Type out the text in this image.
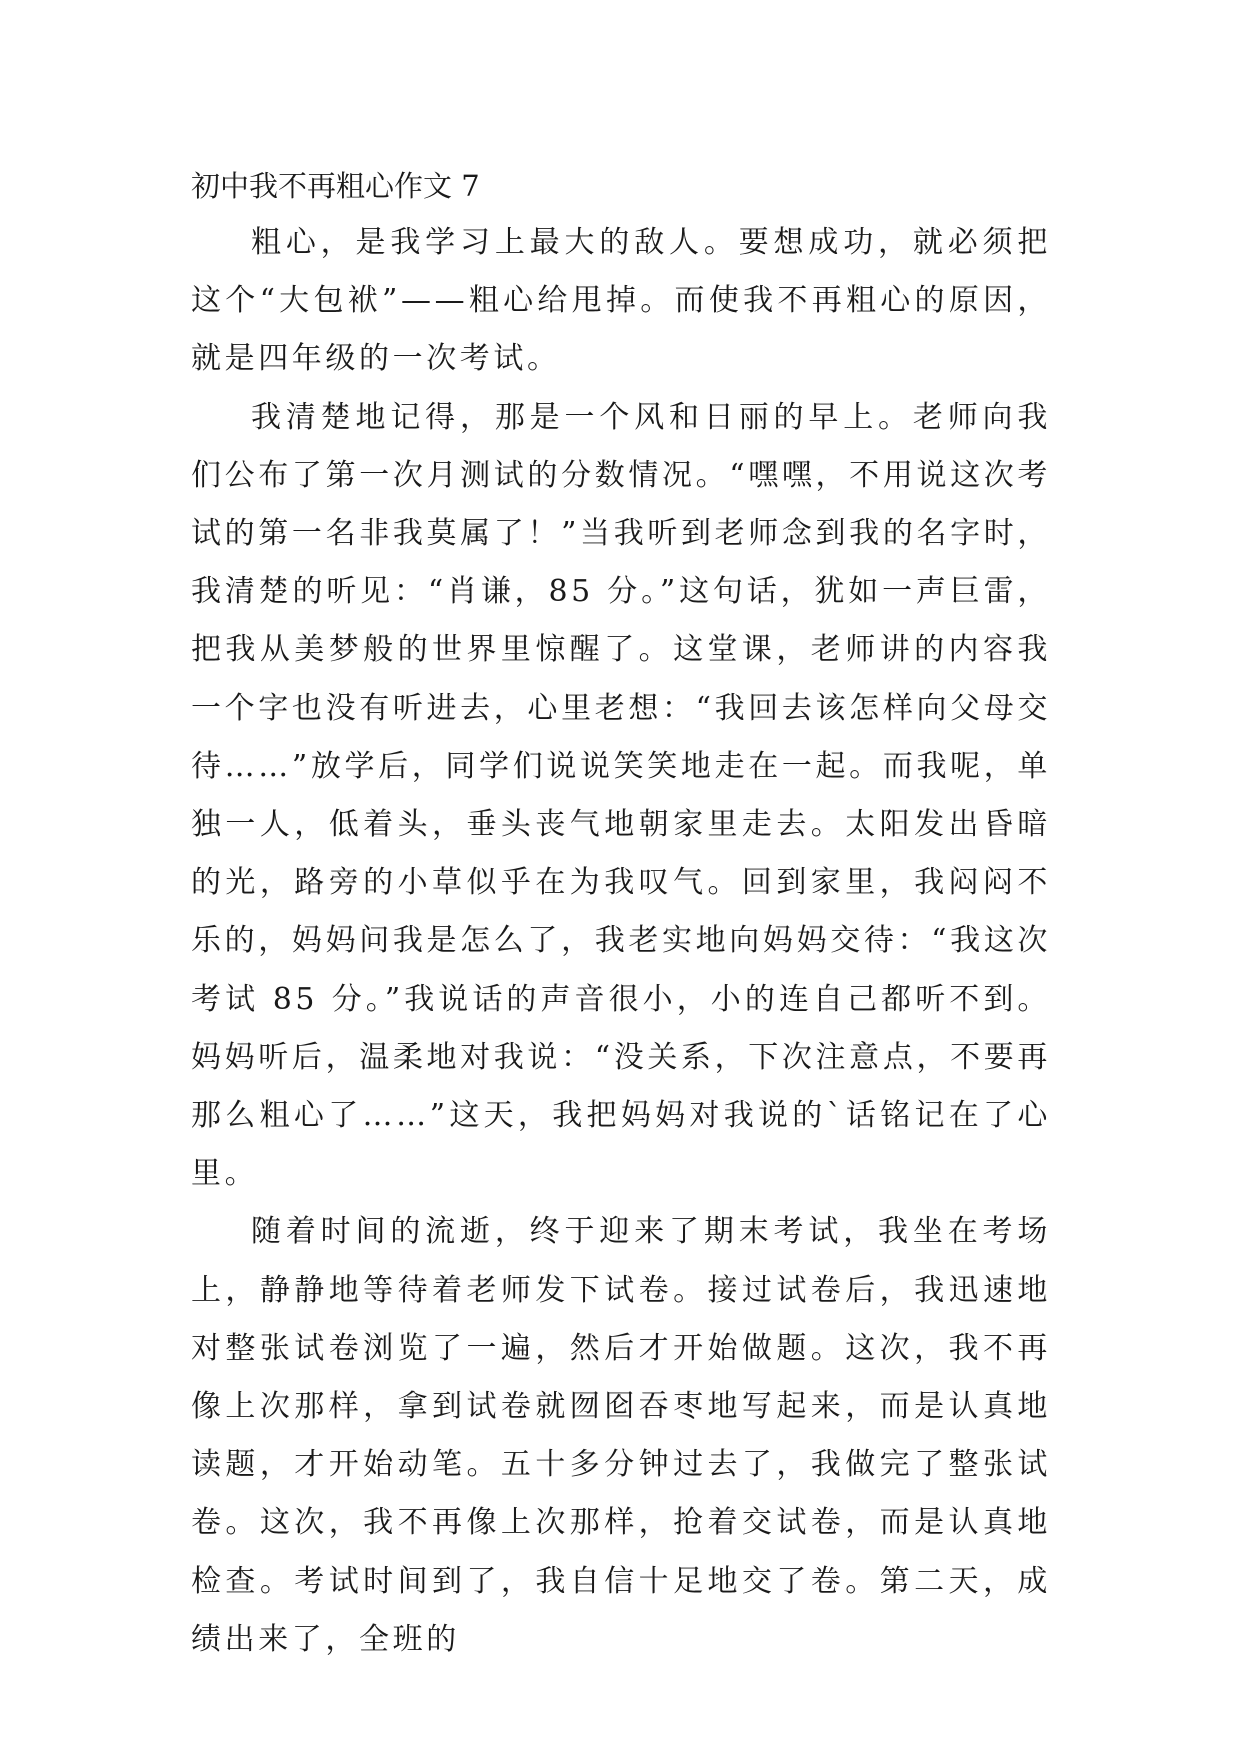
初中我不再粗心作文 7

粗心，是我学习上最大的敌人。要想成功，就必须把这个“大包袱”——粗心给甩掉。而使我不再粗心的原因，就是四年级的一次考试。

我清楚地记得，那是一个风和日丽的早上。老师向我们公布了第一次月测试的分数情况。“嘿嘿，不用说这次考试的第一名非我莫属了！”当我听到老师念到我的名字时，我清楚的听见：“肖谦，85 分。”这句话，犹如一声巨雷，把我从美梦般的世界里惊醒了。这堂课，老师讲的内容我一个字也没有听进去，心里老想：“我回去该怎样向父母交待……”放学后，同学们说说笑笑地走在一起。而我呢，单独一人，低着头，垂头丧气地朝家里走去。太阳发出昏暗的光，路旁的小草似乎在为我叹气。回到家里，我闷闷不乐的，妈妈问我是怎么了，我老实地向妈妈交待：“我这次考试 85 分。”我说话的声音很小，小的连自己都听不到。妈妈听后，温柔地对我说：“没关系，下次注意点，不要再那么粗心了……”这天，我把妈妈对我说的`话铭记在了心里。

随着时间的流逝，终于迎来了期末考试，我坐在考场上，静静地等待着老师发下试卷。接过试卷后，我迅速地对整张试卷浏览了一遍，然后才开始做题。这次，我不再像上次那样，拿到试卷就囫囵吞枣地写起来，而是认真地读题，才开始动笔。五十多分钟过去了，我做完了整张试卷。这次，我不再像上次那样，抢着交试卷，而是认真地检查。考试时间到了，我自信十足地交了卷。第二天，成绩出来了，全班的
